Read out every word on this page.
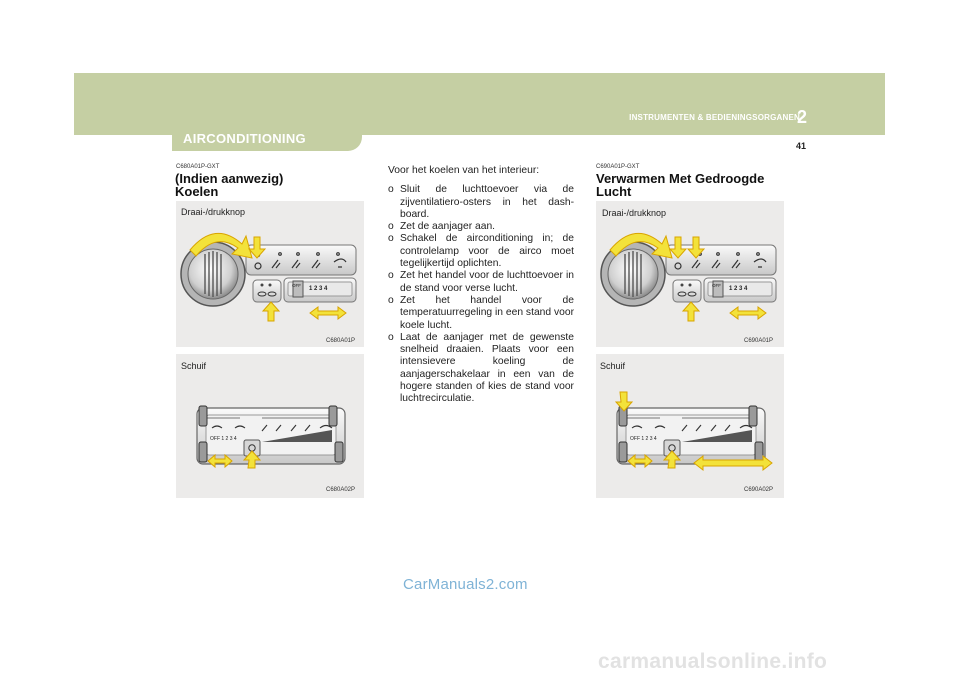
INSTRUMENTEN & BEDIENINGSORGANEN
2
41
AIRCONDITIONING
C680A01P-GXT
(Indien aanwezig)
Koelen
Draai-/drukknop
C680A01P
Schuif
C680A02P
Voor het koelen van het interieur:
o Sluit de luchttoevoer via de zijventilatiero-osters in het dash-board.
o Zet de aanjager aan.
o Schakel de airconditioning in; de controlelamp voor de airco moet tegelijkertijd oplichten.
o Zet het handel voor de luchttoevoer in de stand voor verse lucht.
o Zet het handel voor de temperatuurregeling in een stand voor koele lucht.
o Laat de aanjager met de gewenste snelheid draaien. Plaats voor een intensievere koeling de aanjagerschakelaar in een van de hogere standen of kies de stand voor luchtrecirculatie.
C690A01P-GXT
Verwarmen Met Gedroogde
Lucht
Draai-/drukknop
C690A01P
Schuif
C690A02P
OFF
1 2 3 4
OFF 1 2 3 4
OFF
1 2 3 4
OFF 1 2 3 4
CarManuals2.com
carmanualsonline.info
